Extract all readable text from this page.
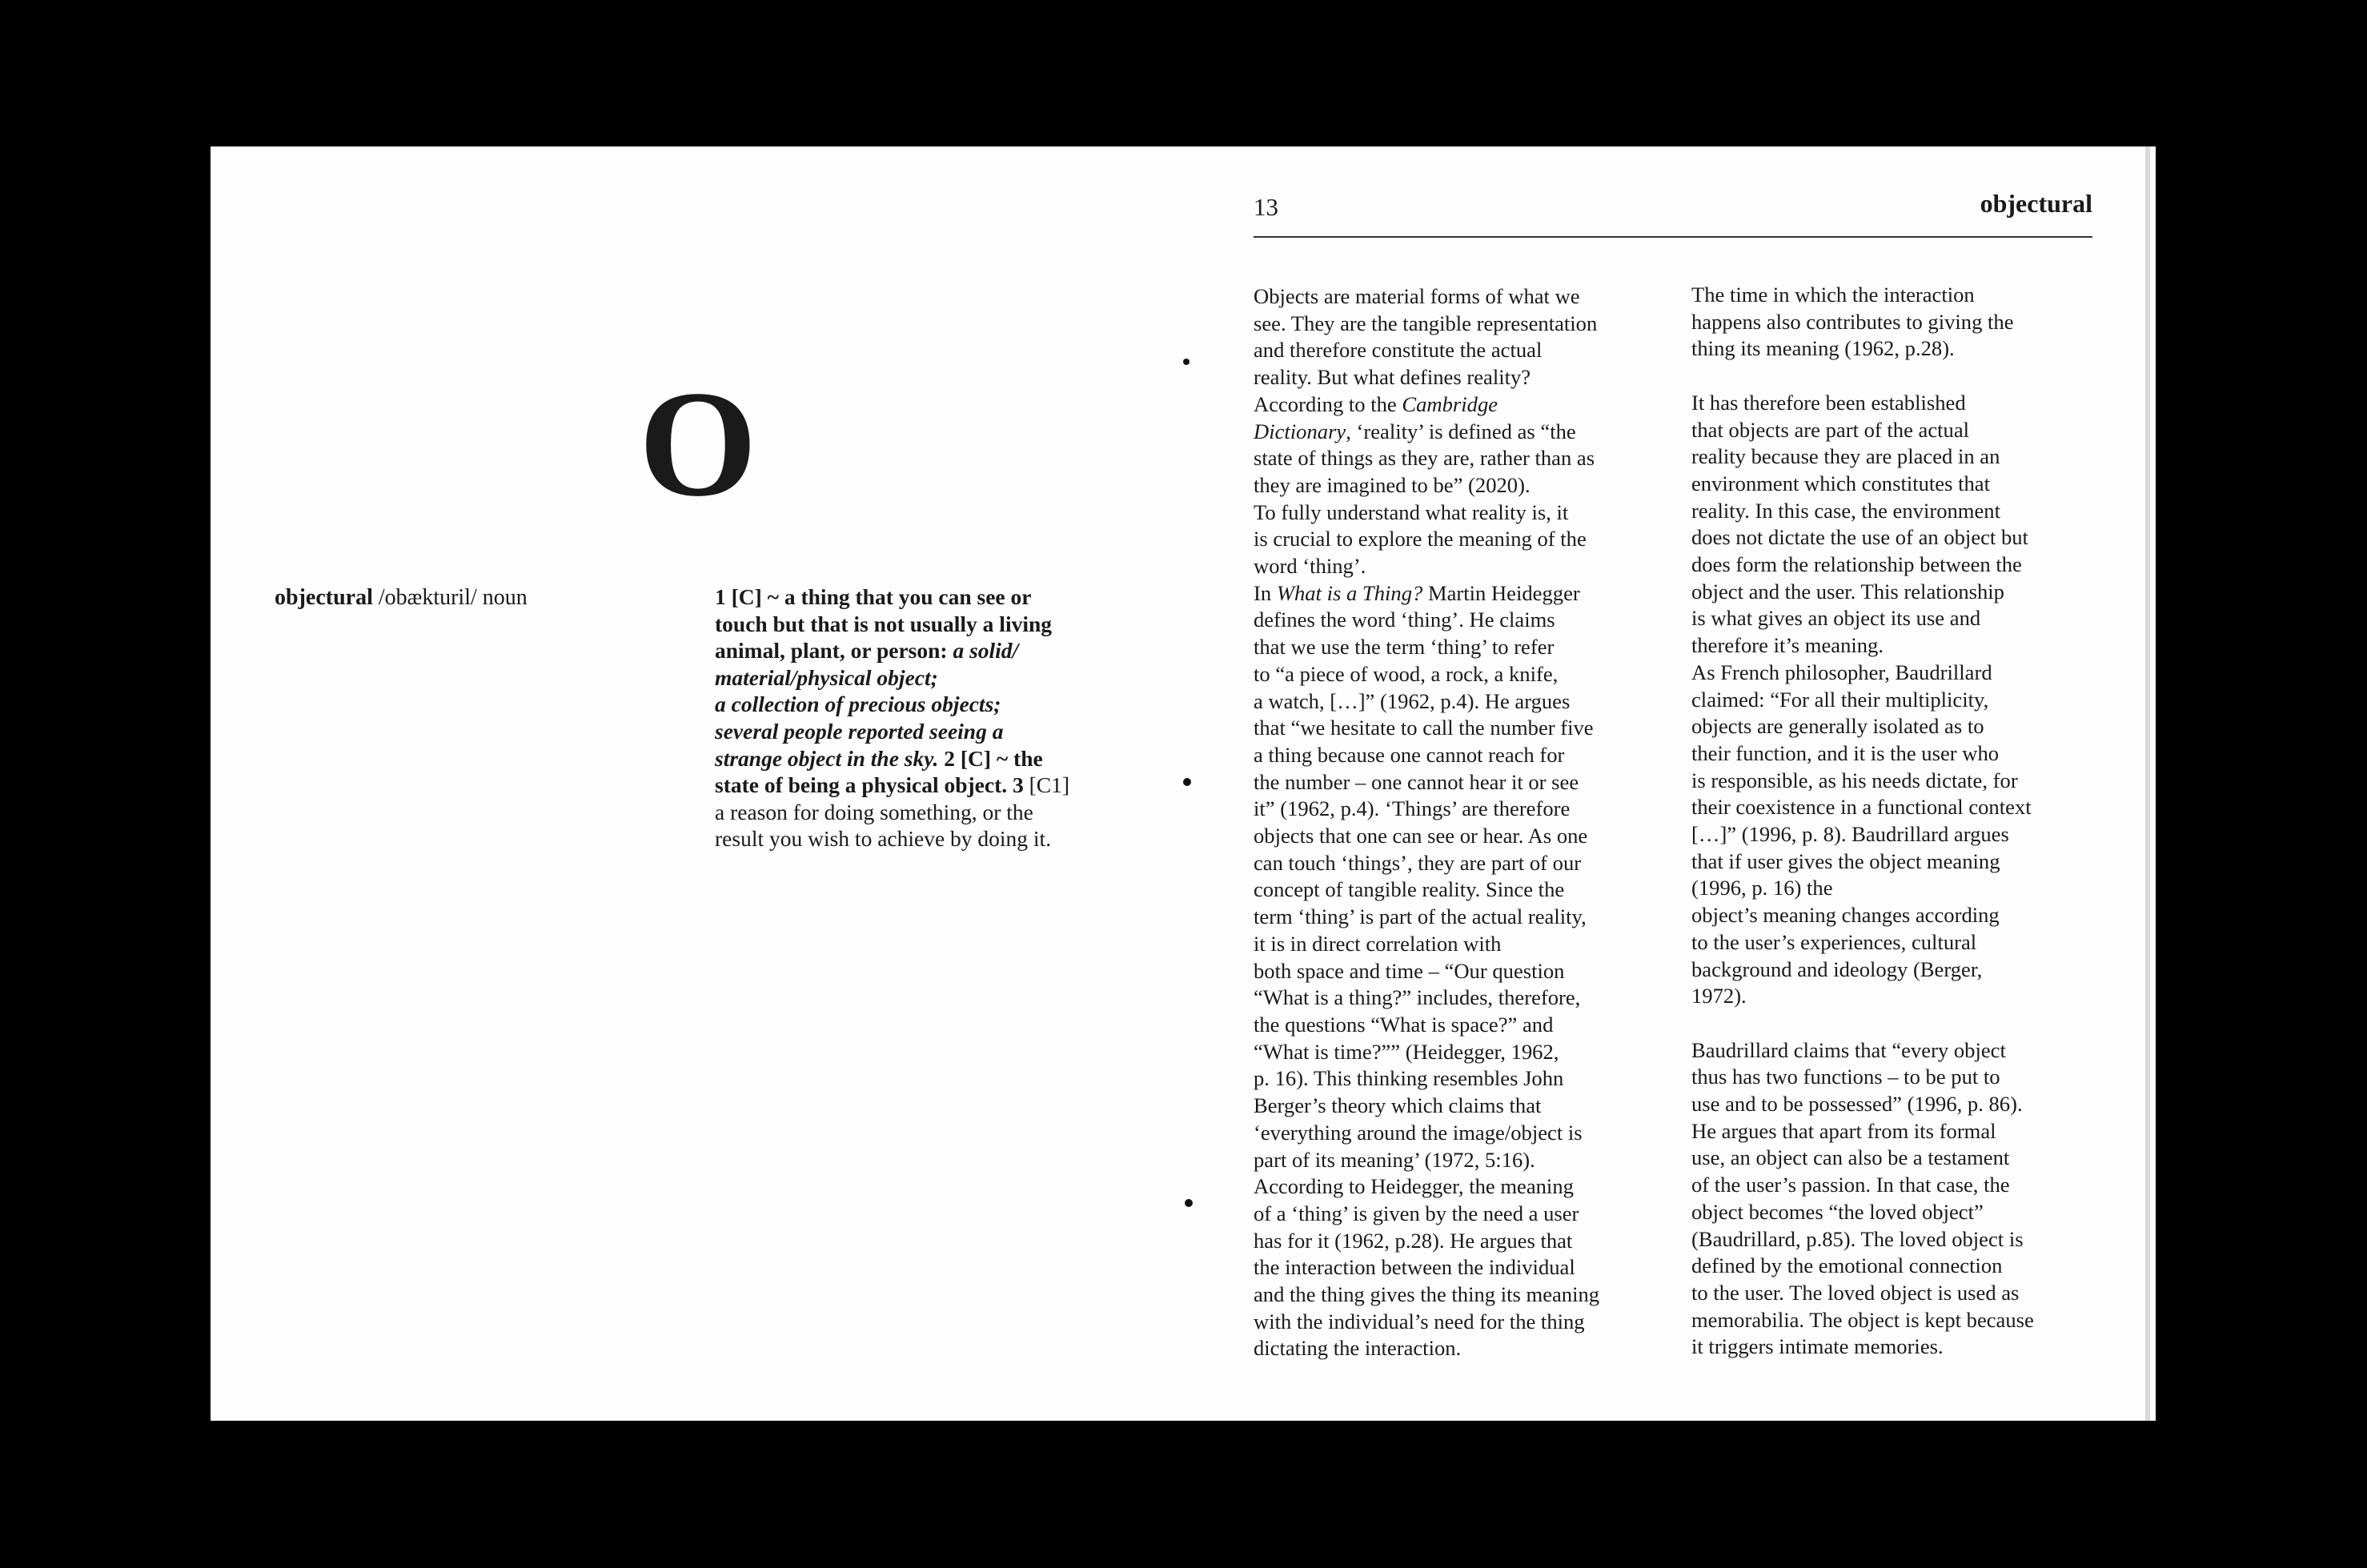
O
objectural /obækturil/ noun	1 [C] ~ a thing that you can see or
touch but that is not usually a living
animal, plant, or person: a solid/
material/physical object;
a collection of precious objects;
several people reported seeing a
strange object in the sky. 2 [C] ~ the
state of being a physical object. 3 [C1]
a reason for doing something, or the
result you wish to achieve by doing it.
13	objectural
Objects are material forms of what we
see. They are the tangible representation
and therefore constitute the actual
reality. But what defines reality?
According to the Cambridge
Dictionary, ‘reality’ is defined as “the
state of things as they are, rather than as
they are imagined to be” (2020).
To fully understand what reality is, it
is crucial to explore the meaning of the
word ‘thing’.
In What is a Thing? Martin Heidegger
defines the word ‘thing’. He claims
that we use the term ‘thing’ to refer
to “a piece of wood, a rock, a knife,
a watch, […]” (1962, p.4). He argues
that “we hesitate to call the number five
a thing because one cannot reach for
the number – one cannot hear it or see
it” (1962, p.4). ‘Things’ are therefore
objects that one can see or hear. As one
can touch ‘things’, they are part of our
concept of tangible reality. Since the
term ‘thing’ is part of the actual reality,
it is in direct correlation with
both space and time – “Our question
“What is a thing?” includes, therefore,
the questions “What is space?” and
“What is time?”” (Heidegger, 1962,
p. 16). This thinking resembles John
Berger’s theory which claims that
‘everything around the image/object is
part of its meaning’ (1972, 5:16).
According to Heidegger, the meaning
of a ‘thing’ is given by the need a user
has for it (1962, p.28). He argues that
the interaction between the individual
and the thing gives the thing its meaning
with the individual’s need for the thing
dictating the interaction.
The time in which the interaction
happens also contributes to giving the
thing its meaning (1962, p.28).
It has therefore been established
that objects are part of the actual
reality because they are placed in an
environment which constitutes that
reality. In this case, the environment
does not dictate the use of an object but
does form the relationship between the
object and the user. This relationship
is what gives an object its use and
therefore it’s meaning.
As French philosopher, Baudrillard
claimed: “For all their multiplicity,
objects are generally isolated as to
their function, and it is the user who
is responsible, as his needs dictate, for
their coexistence in a functional context
[…]” (1996, p. 8). Baudrillard argues
that if user gives the object meaning
(1996, p. 16) the
object’s meaning changes according
to the user’s experiences, cultural
background and ideology (Berger,
1972).
Baudrillard claims that “every object
thus has two functions – to be put to
use and to be possessed” (1996, p. 86).
He argues that apart from its formal
use, an object can also be a testament
of the user’s passion. In that case, the
object becomes “the loved object”
(Baudrillard, p.85). The loved object is
defined by the emotional connection
to the user. The loved object is used as
memorabilia. The object is kept because
it triggers intimate memories.
